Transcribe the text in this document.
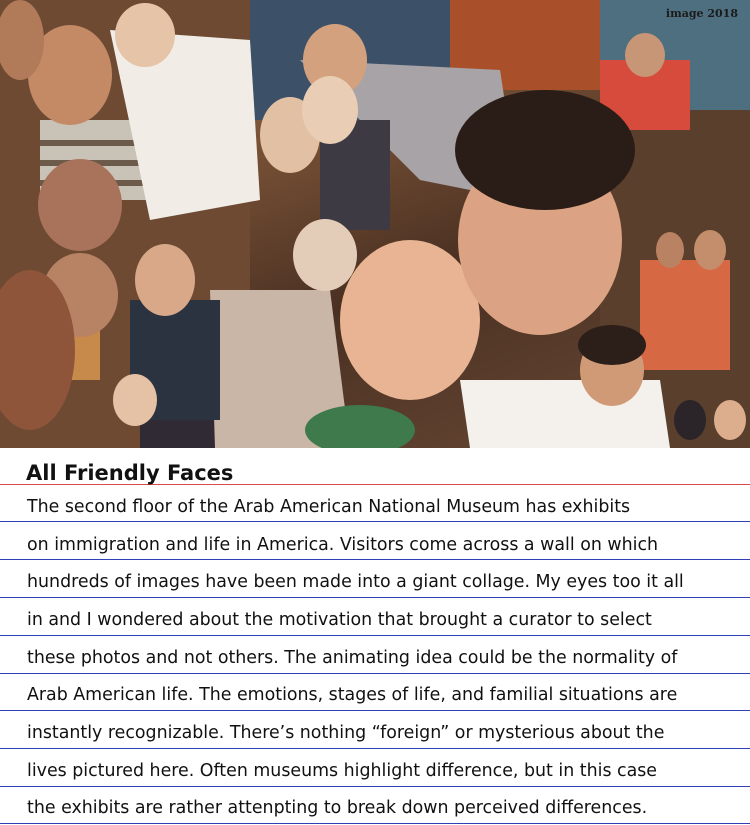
image 2018
All Friendly Faces

The second floor of the Arab American National Museum has exhibits

on immigration and life in America. Visitors come across a wall on which

hundreds of images have been made into a giant collage. My eyes too it all

in and I wondered about the motivation that brought a curator to select

these photos and not others. The animating idea could be the normality of

Arab American life. The emotions, stages of life, and familial situations are

instantly recognizable. There’s nothing “foreign” or mysterious about the

lives pictured here. Often museums highlight difference, but in this case

the exhibits are rather attenpting to break down perceived differences.
